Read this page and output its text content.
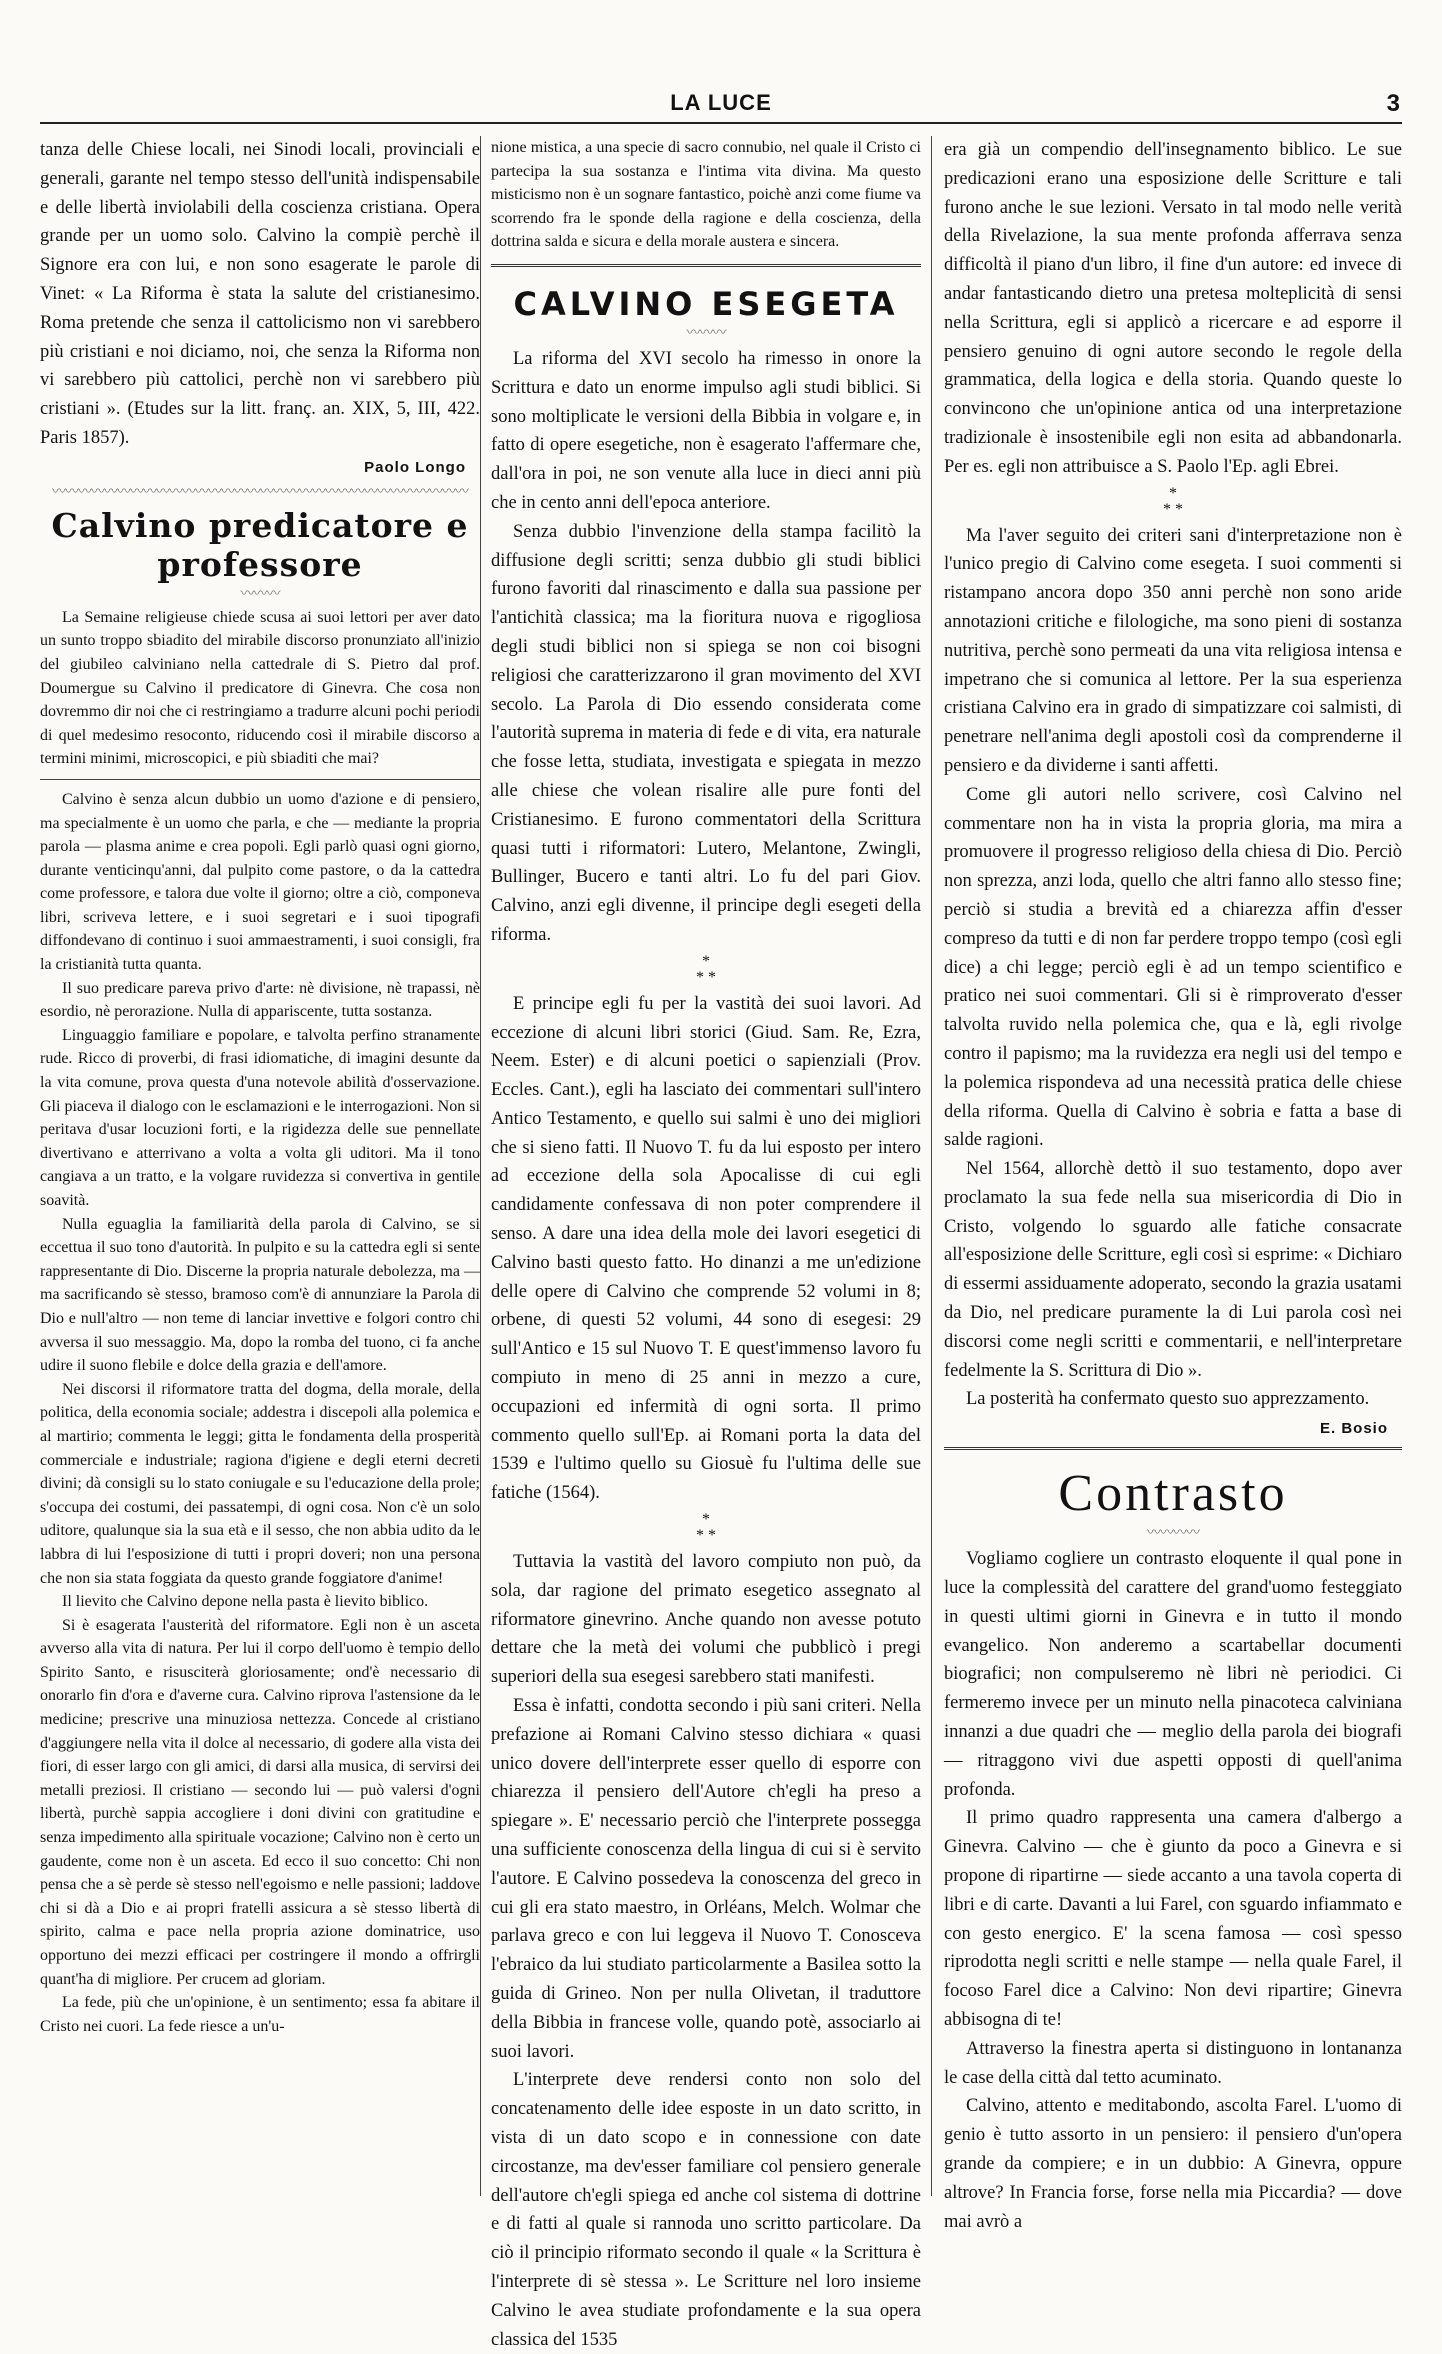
LA LUCE	3

tanza delle Chiese locali, nei Sinodi locali, provinciali e generali, garante nel tempo stesso dell'unità indispensabile e delle libertà inviolabili della coscienza cristiana. Opera grande per un uomo solo. Calvino la compiè perchè il Signore era con lui, e non sono esagerate le parole di Vinet: « La Riforma è stata la salute del cristianesimo. Roma pretende che senza il cattolicismo non vi sarebbero più cristiani e noi diciamo, noi, che senza la Riforma non vi sarebbero più cattolici, perchè non vi sarebbero più cristiani ». (Etudes sur la litt. franç. an. XIX, 5, III, 422. Paris 1857).

Paolo Longo
〰〰〰〰〰〰〰〰〰〰〰〰〰〰〰〰〰〰〰〰〰〰〰〰〰〰〰〰〰〰〰〰
Calvino predicatore e professore
〰〰〰

La Semaine religieuse chiede scusa ai suoi lettori per aver dato un sunto troppo sbiadito del mirabile discorso pronunziato all'inizio del giubileo calviniano nella cattedrale di S. Pietro dal prof. Doumergue su Calvino il predicatore di Ginevra. Che cosa non dovremmo dir noi che ci restringiamo a tradurre alcuni pochi periodi di quel medesimo resoconto, riducendo così il mirabile discorso a termini minimi, microscopici, e più sbiaditi che mai?

Calvino è senza alcun dubbio un uomo d'azione e di pensiero, ma specialmente è un uomo che parla, e che — mediante la propria parola — plasma anime e crea popoli. Egli parlò quasi ogni giorno, durante venticinqu'anni, dal pulpito come pastore, o da la cattedra come professore, e talora due volte il giorno; oltre a ciò, componeva libri, scriveva lettere, e i suoi segretari e i suoi tipografi diffondevano di continuo i suoi ammaestramenti, i suoi consigli, fra la cristianità tutta quanta.

Il suo predicare pareva privo d'arte: nè divisione, nè trapassi, nè esordio, nè perorazione. Nulla di appariscente, tutta sostanza.

Linguaggio familiare e popolare, e talvolta perfino stranamente rude. Ricco di proverbi, di frasi idiomatiche, di imagini desunte da la vita comune, prova questa d'una notevole abilità d'osservazione. Gli piaceva il dialogo con le esclamazioni e le interrogazioni. Non si peritava d'usar locuzioni forti, e la rigidezza delle sue pennellate divertivano e atterrivano a volta a volta gli uditori. Ma il tono cangiava a un tratto, e la volgare ruvidezza si convertiva in gentile soavità.

Nulla eguaglia la familiarità della parola di Calvino, se si eccettua il suo tono d'autorità. In pulpito e su la cattedra egli si sente rappresentante di Dio. Discerne la propria naturale debolezza, ma — ma sacrificando sè stesso, bramoso com'è di annunziare la Parola di Dio e null'altro — non teme di lanciar invettive e folgori contro chi avversa il suo messaggio. Ma, dopo la romba del tuono, ci fa anche udire il suono flebile e dolce della grazia e dell'amore.

Nei discorsi il riformatore tratta del dogma, della morale, della politica, della economia sociale; addestra i discepoli alla polemica e al martirio; commenta le leggi; gitta le fondamenta della prosperità commerciale e industriale; ragiona d'igiene e degli eterni decreti divini; dà consigli su lo stato coniugale e su l'educazione della prole; s'occupa dei costumi, dei passatempi, di ogni cosa. Non c'è un solo uditore, qualunque sia la sua età e il sesso, che non abbia udito da le labbra di lui l'esposizione di tutti i propri doveri; non una persona che non sia stata foggiata da questo grande foggiatore d'anime!

Il lievito che Calvino depone nella pasta è lievito biblico.

Si è esagerata l'austerità del riformatore. Egli non è un asceta avverso alla vita di natura. Per lui il corpo dell'uomo è tempio dello Spirito Santo, e risusciterà gloriosamente; ond'è necessario di onorarlo fin d'ora e d'averne cura. Calvino riprova l'astensione da le medicine; prescrive una minuziosa nettezza. Concede al cristiano d'aggiungere nella vita il dolce al necessario, di godere alla vista dei fiori, di esser largo con gli amici, di darsi alla musica, di servirsi dei metalli preziosi. Il cristiano — secondo lui — può valersi d'ogni libertà, purchè sappia accogliere i doni divini con gratitudine e senza impedimento alla spirituale vocazione; Calvino non è certo un gaudente, come non è un asceta. Ed ecco il suo concetto: Chi non pensa che a sè perde sè stesso nell'egoismo e nelle passioni; laddove chi si dà a Dio e ai propri fratelli assicura a sè stesso libertà di spirito, calma e pace nella propria azione dominatrice, uso opportuno dei mezzi efficaci per costringere il mondo a offrirgli quant'ha di migliore. Per crucem ad gloriam.

La fede, più che un'opinione, è un sentimento; essa fa abitare il Cristo nei cuori. La fede riesce a un'u-

nione mistica, a una specie di sacro connubio, nel quale il Cristo ci partecipa la sua sostanza e l'intima vita divina. Ma questo misticismo non è un sognare fantastico, poichè anzi come fiume va scorrendo fra le sponde della ragione e della coscienza, della dottrina salda e sicura e della morale austera e sincera.

CALVINO ESEGETA
〰〰〰

La riforma del XVI secolo ha rimesso in onore la Scrittura e dato un enorme impulso agli studi biblici. Si sono moltiplicate le versioni della Bibbia in volgare e, in fatto di opere esegetiche, non è esagerato l'affermare che, dall'ora in poi, ne son venute alla luce in dieci anni più che in cento anni dell'epoca anteriore.

Senza dubbio l'invenzione della stampa facilitò la diffusione degli scritti; senza dubbio gli studi biblici furono favoriti dal rinascimento e dalla sua passione per l'antichità classica; ma la fioritura nuova e rigogliosa degli studi biblici non si spiega se non coi bisogni religiosi che caratterizzarono il gran movimento del XVI secolo. La Parola di Dio essendo considerata come l'autorità suprema in materia di fede e di vita, era naturale che fosse letta, studiata, investigata e spiegata in mezzo alle chiese che volean risalire alle pure fonti del Cristianesimo. E furono commentatori della Scrittura quasi tutti i riformatori: Lutero, Melantone, Zwingli, Bullinger, Bucero e tanti altri. Lo fu del pari Giov. Calvino, anzi egli divenne, il principe degli esegeti della riforma.

*
* *

E principe egli fu per la vastità dei suoi lavori. Ad eccezione di alcuni libri storici (Giud. Sam. Re, Ezra, Neem. Ester) e di alcuni poetici o sapienziali (Prov. Eccles. Cant.), egli ha lasciato dei commentari sull'intero Antico Testamento, e quello sui salmi è uno dei migliori che si sieno fatti. Il Nuovo T. fu da lui esposto per intero ad eccezione della sola Apocalisse di cui egli candidamente confessava di non poter comprendere il senso. A dare una idea della mole dei lavori esegetici di Calvino basti questo fatto. Ho dinanzi a me un'edizione delle opere di Calvino che comprende 52 volumi in 8; orbene, di questi 52 volumi, 44 sono di esegesi: 29 sull'Antico e 15 sul Nuovo T. E quest'immenso lavoro fu compiuto in meno di 25 anni in mezzo a cure, occupazioni ed infermità di ogni sorta. Il primo commento quello sull'Ep. ai Romani porta la data del 1539 e l'ultimo quello su Giosuè fu l'ultima delle sue fatiche (1564).

*
* *

Tuttavia la vastità del lavoro compiuto non può, da sola, dar ragione del primato esegetico assegnato al riformatore ginevrino. Anche quando non avesse potuto dettare che la metà dei volumi che pubblicò i pregi superiori della sua esegesi sarebbero stati manifesti.

Essa è infatti, condotta secondo i più sani criteri. Nella prefazione ai Romani Calvino stesso dichiara « quasi unico dovere dell'interprete esser quello di esporre con chiarezza il pensiero dell'Autore ch'egli ha preso a spiegare ». E' necessario perciò che l'interprete possegga una sufficiente conoscenza della lingua di cui si è servito l'autore. E Calvino possedeva la conoscenza del greco in cui gli era stato maestro, in Orléans, Melch. Wolmar che parlava greco e con lui leggeva il Nuovo T. Conosceva l'ebraico da lui studiato particolarmente a Basilea sotto la guida di Grineo. Non per nulla Olivetan, il traduttore della Bibbia in francese volle, quando potè, associarlo ai suoi lavori.

L'interprete deve rendersi conto non solo del concatenamento delle idee esposte in un dato scritto, in vista di un dato scopo e in connessione con date circostanze, ma dev'esser familiare col pensiero generale dell'autore ch'egli spiega ed anche col sistema di dottrine e di fatti al quale si rannoda uno scritto particolare. Da ciò il principio riformato secondo il quale « la Scrittura è l'interprete di sè stessa ». Le Scritture nel loro insieme Calvino le avea studiate profondamente e la sua opera classica del 1535

era già un compendio dell'insegnamento biblico. Le sue predicazioni erano una esposizione delle Scritture e tali furono anche le sue lezioni. Versato in tal modo nelle verità della Rivelazione, la sua mente profonda afferrava senza difficoltà il piano d'un libro, il fine d'un autore: ed invece di andar fantasticando dietro una pretesa molteplicità di sensi nella Scrittura, egli si applicò a ricercare e ad esporre il pensiero genuino di ogni autore secondo le regole della grammatica, della logica e della storia. Quando queste lo convincono che un'opinione antica od una interpretazione tradizionale è insostenibile egli non esita ad abbandonarla. Per es. egli non attribuisce a S. Paolo l'Ep. agli Ebrei.

*
* *

Ma l'aver seguito dei criteri sani d'interpretazione non è l'unico pregio di Calvino come esegeta. I suoi commenti si ristampano ancora dopo 350 anni perchè non sono aride annotazioni critiche e filologiche, ma sono pieni di sostanza nutritiva, perchè sono permeati da una vita religiosa intensa e impetrano che si comunica al lettore. Per la sua esperienza cristiana Calvino era in grado di simpatizzare coi salmisti, di penetrare nell'anima degli apostoli così da comprenderne il pensiero e da dividerne i santi affetti.

Come gli autori nello scrivere, così Calvino nel commentare non ha in vista la propria gloria, ma mira a promuovere il progresso religioso della chiesa di Dio. Perciò non sprezza, anzi loda, quello che altri fanno allo stesso fine; perciò si studia a brevità ed a chiarezza affin d'esser compreso da tutti e di non far perdere troppo tempo (così egli dice) a chi legge; perciò egli è ad un tempo scientifico e pratico nei suoi commentari. Gli si è rimproverato d'esser talvolta ruvido nella polemica che, qua e là, egli rivolge contro il papismo; ma la ruvidezza era negli usi del tempo e la polemica rispondeva ad una necessità pratica delle chiese della riforma. Quella di Calvino è sobria e fatta a base di salde ragioni.

Nel 1564, allorchè dettò il suo testamento, dopo aver proclamato la sua fede nella sua misericordia di Dio in Cristo, volgendo lo sguardo alle fatiche consacrate all'esposizione delle Scritture, egli così si esprime: « Dichiaro di essermi assiduamente adoperato, secondo la grazia usatami da Dio, nel predicare puramente la di Lui parola così nei discorsi come negli scritti e commentarii, e nell'interpretare fedelmente la S. Scrittura di Dio ».

La posterità ha confermato questo suo apprezzamento.

E. Bosio
Contrasto
〰〰〰〰

Vogliamo cogliere un contrasto eloquente il qual pone in luce la complessità del carattere del grand'uomo festeggiato in questi ultimi giorni in Ginevra e in tutto il mondo evangelico. Non anderemo a scartabellar documenti biografici; non compulseremo nè libri nè periodici. Ci fermeremo invece per un minuto nella pinacoteca calviniana innanzi a due quadri che — meglio della parola dei biografi — ritraggono vivi due aspetti opposti di quell'anima profonda.

Il primo quadro rappresenta una camera d'albergo a Ginevra. Calvino — che è giunto da poco a Ginevra e si propone di ripartirne — siede accanto a una tavola coperta di libri e di carte. Davanti a lui Farel, con sguardo infiammato e con gesto energico. E' la scena famosa — così spesso riprodotta negli scritti e nelle stampe — nella quale Farel, il focoso Farel dice a Calvino: Non devi ripartire; Ginevra abbisogna di te!

Attraverso la finestra aperta si distinguono in lontananza le case della città dal tetto acuminato.

Calvino, attento e meditabondo, ascolta Farel. L'uomo di genio è tutto assorto in un pensiero: il pensiero d'un'opera grande da compiere; e in un dubbio: A Ginevra, oppure altrove? In Francia forse, forse nella mia Piccardia? — dove mai avrò a
